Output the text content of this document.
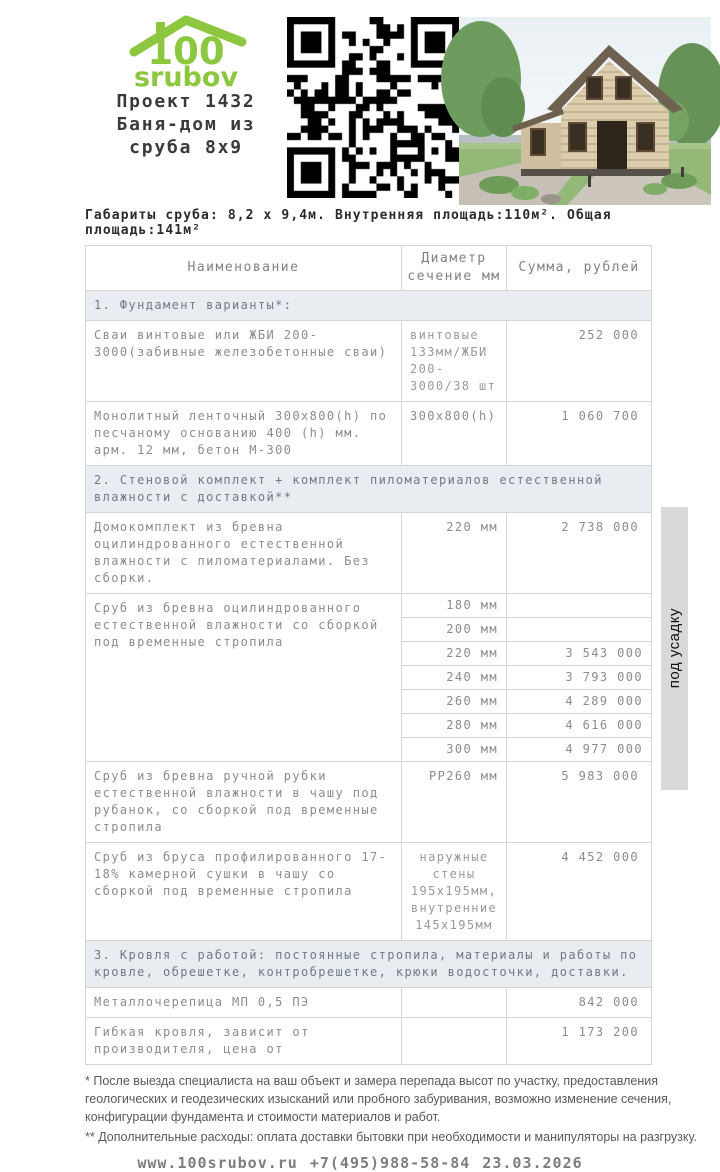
100
srubov
Проект 1432
Баня-дом из
сруба 8х9
Габариты сруба: 8,2 х 9,4м. Внутренняя площадь:110м². Общая площадь:141м²
Наименование	Диаметр сечение мм	Сумма, рублей
1. Фундамент варианты*:		
Сваи винтовые или ЖБИ 200-3000(забивные железобетонные сваи)	винтовые 133мм/ЖБИ 200-3000/38 шт	252 000
Монолитный ленточный 300х800(h) по песчаному основанию 400 (h) мм. арм. 12 мм, бетон М-300	300х800(h)	1 060 700
2. Стеновой комплект + комплект пиломатериалов естественной влажности с доставкой**		
Домокомплект из бревна оцилиндрованного естественной влажности с пиломатериалами. Без сборки.	220 мм	2 738 000
Сруб из бревна оцилиндрованного естественной влажности со сборкой под временные стропила	180 мм	
	200 мм	
	220 мм	3 543 000
	240 мм	3 793 000
	260 мм	4 289 000
	280 мм	4 616 000
	300 мм	4 977 000
Сруб из бревна ручной рубки естественной влажности в чашу под рубанок, со сборкой под временные стропила	РР260 мм	5 983 000
Сруб из бруса профилированного 17-18% камерной сушки в чашу со сборкой под временные стропила	наружные стены 195х195мм, внутренние 145х195мм	4 452 000
3. Кровля с работой: постоянные стропила, материалы и работы по кровле, обрешетке, контробрешетке, крюки водосточки, доставки.		
Металлочерепица МП 0,5 ПЭ		842 000
Гибкая кровля, зависит от производителя, цена от		1 173 200
под усадку

* После выезда специалиста на ваш объект и замера перепада высот по участку, предоставления геологических и геодезических изысканий или пробного забуривания, возможно изменение сечения, конфигурации фундамента и стоимости материалов и работ.

** Дополнительные расходы: оплата доставки бытовки при необходимости и манипуляторы на разгрузку.

www.100srubov.ru +7(495)988-58-84 23.03.2026
